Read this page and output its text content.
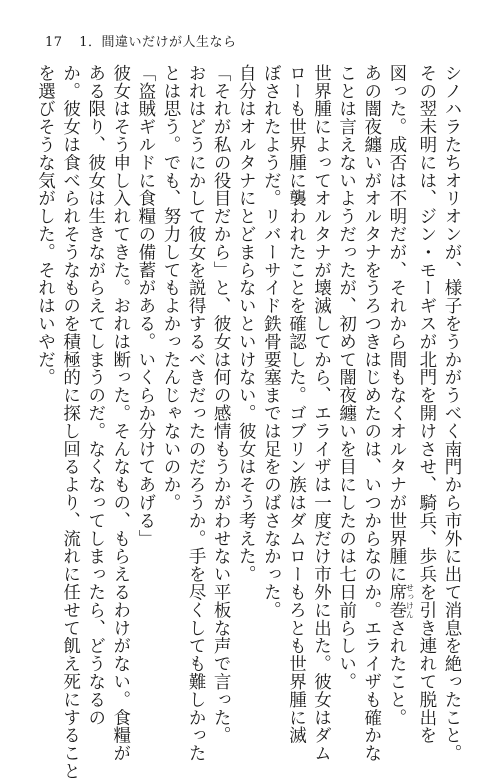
17 1．間違いだけが人生なら
シノハラたちオリオンが、様子をうかがうべく南門から市外に出て消息を絶ったこと。
その翌未明には、ジン・モーギスが北門を開けさせ、騎兵、歩兵を引き連れて脱出を
図った。成否は不明だが、それから間もなくオルタナが世界腫に席巻せっけんされたこと。
あの闇夜纏いがオルタナをうろつきはじめたのは、いつからなのか。エライザも確かな
ことは言えないようだったが、初めて闇夜纏いを目にしたのは七日前らしい。
世界腫によってオルタナが壊滅してから、エライザは一度だけ市外に出た。彼女はダム
ローも世界腫に襲われたことを確認した。ゴブリン族はダムローもろとも世界腫に滅
ぼされたようだ。リバーサイド鉄骨要塞までは足をのばさなかった。
自分はオルタナにとどまらないといけない。彼女はそう考えた。
「それが私の役目だから」と、彼女は何の感情もうかがわせない平板な声で言った。
おれはどうにかして彼女を説得するべきだったのだろうか。手を尽くしても難しかった
とは思う。でも、努力してもよかったんじゃないのか。
「盗賊ギルドに食糧の備蓄がある。いくらか分けてあげる」
彼女はそう申し入れてきた。おれは断った。そんなもの、もらえるわけがない。食糧が
ある限り、彼女は生きながらえてしまうのだ。なくなってしまったら、どうなるの
か。彼女は食べられそうなものを積極的に探し回るより、流れに任せて飢え死にすること
を選びそうな気がした。それはいやだ。
